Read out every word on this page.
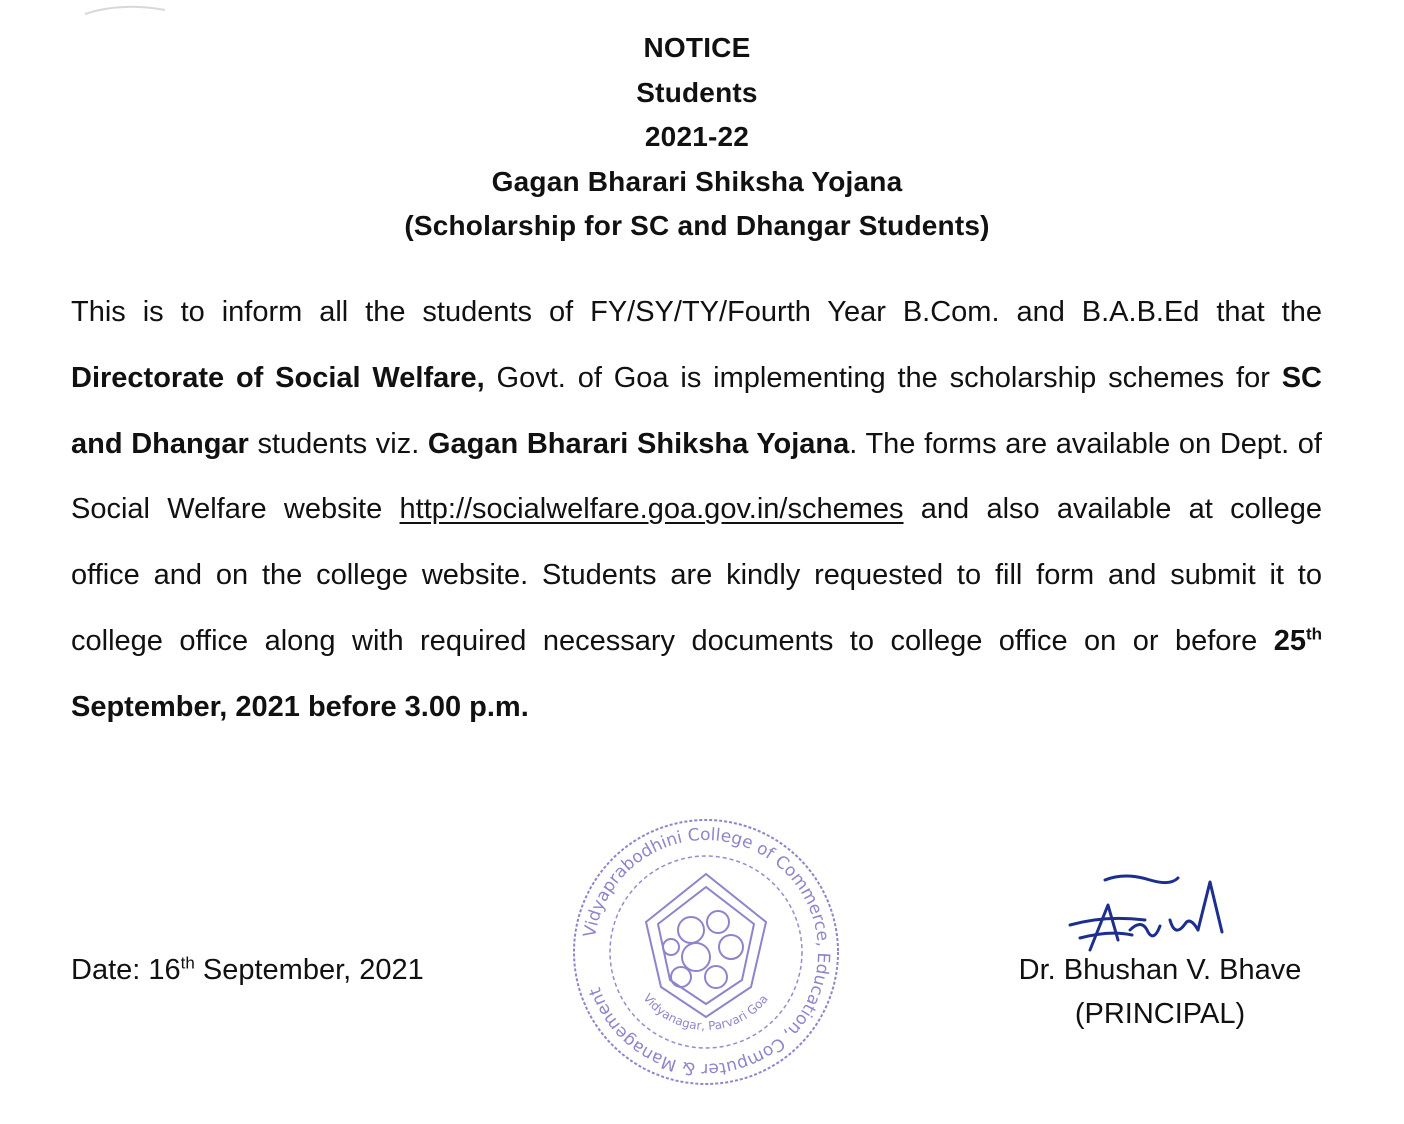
NOTICE
Students
2021-22
Gagan Bharari Shiksha Yojana
(Scholarship for SC and Dhangar Students)
This is to inform all the students of FY/SY/TY/Fourth Year B.Com. and B.A.B.Ed that the Directorate of Social Welfare, Govt. of Goa is implementing the scholarship schemes for SC and Dhangar students viz. Gagan Bharari Shiksha Yojana. The forms are available on Dept. of Social Welfare website http://socialwelfare.goa.gov.in/schemes and also available at college office and on the college website. Students are kindly requested to fill form and submit it to college office along with required necessary documents to college office on or before 25th September, 2021 before 3.00 p.m.
Date: 16th September, 2021
Vidyaprabodhini College of Commerce, Education, Computer & Management	Vidyanagar, Parvari Goa
Dr. Bhushan V. Bhave
(PRINCIPAL)
